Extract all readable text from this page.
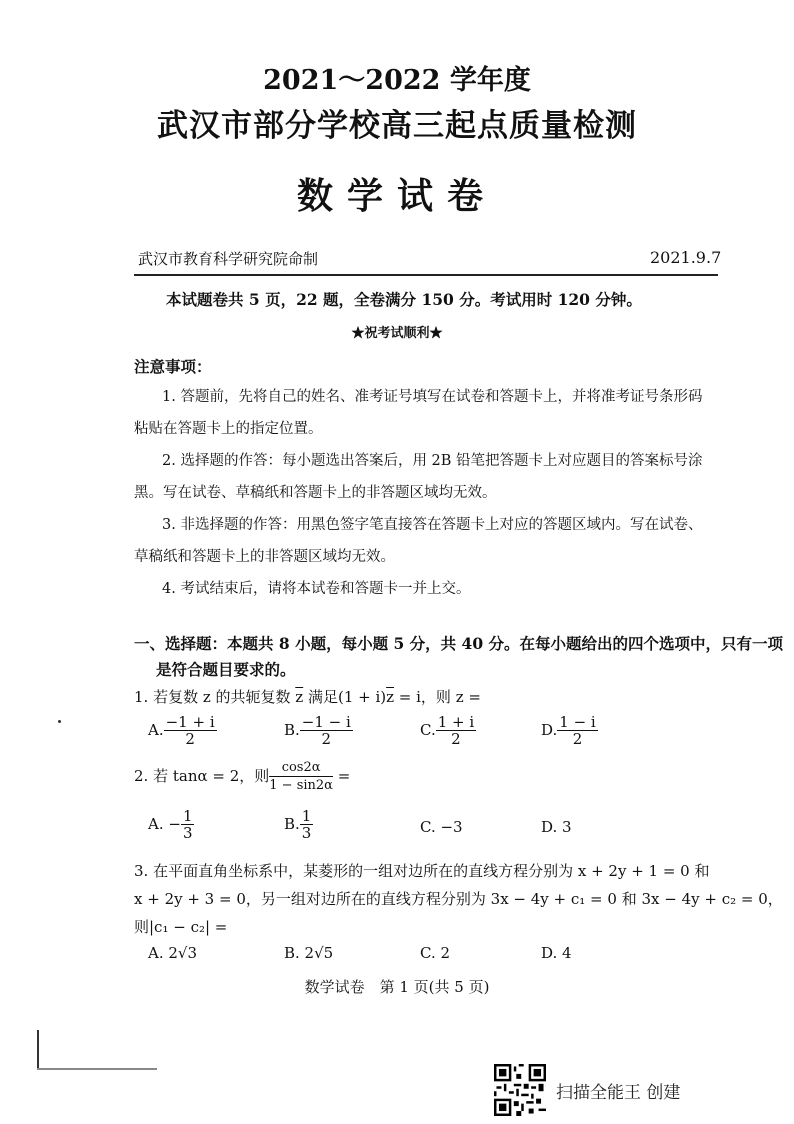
2021～2022 学年度
武汉市部分学校高三起点质量检测
数学试卷
武汉市教育科学研究院命制	2021.9.7
本试题卷共 5 页，22 题，全卷满分 150 分。考试用时 120 分钟。
★祝考试顺利★
注意事项：
1. 答题前，先将自己的姓名、准考证号填写在试卷和答题卡上，并将准考证号条形码
粘贴在答题卡上的指定位置。
2. 选择题的作答：每小题选出答案后，用 2B 铅笔把答题卡上对应题目的答案标号涂
黑。写在试卷、草稿纸和答题卡上的非答题区域均无效。
3. 非选择题的作答：用黑色签字笔直接答在答题卡上对应的答题区域内。写在试卷、
草稿纸和答题卡上的非答题区域均无效。
4. 考试结束后，请将本试卷和答题卡一并上交。
一、选择题：本题共 8 小题，每小题 5 分，共 40 分。在每小题给出的四个选项中，只有一项
是符合题目要求的。
1. 若复数 z 的共轭复数 $\overline{z}$ 满足$(1 + i)\overline{z} = i$，则 z =
A. $\frac{-1 + i}{2}$	B. $\frac{-1 - i}{2}$	C. $\frac{1 + i}{2}$	D. $\frac{1 - i}{2}$
2. 若 tanα = 2，则 $\frac{\cos 2\alpha}{1 - \sin 2\alpha}$ =
A. − $\frac{1}{3}$	B. $\frac{1}{3}$	C. −3	D. 3
3. 在平面直角坐标系中，某菱形的一组对边所在的直线方程分别为 x + 2y + 1 = 0 和
x + 2y + 3 = 0，另一组对边所在的直线方程分别为 3x − 4y + c₁ = 0 和 3x − 4y + c₂ = 0，
则|c₁ − c₂| =
A. 2√3	B. 2√5	C. 2	D. 4
数学试卷　第 1 页(共 5 页)
扫描全能王 创建
